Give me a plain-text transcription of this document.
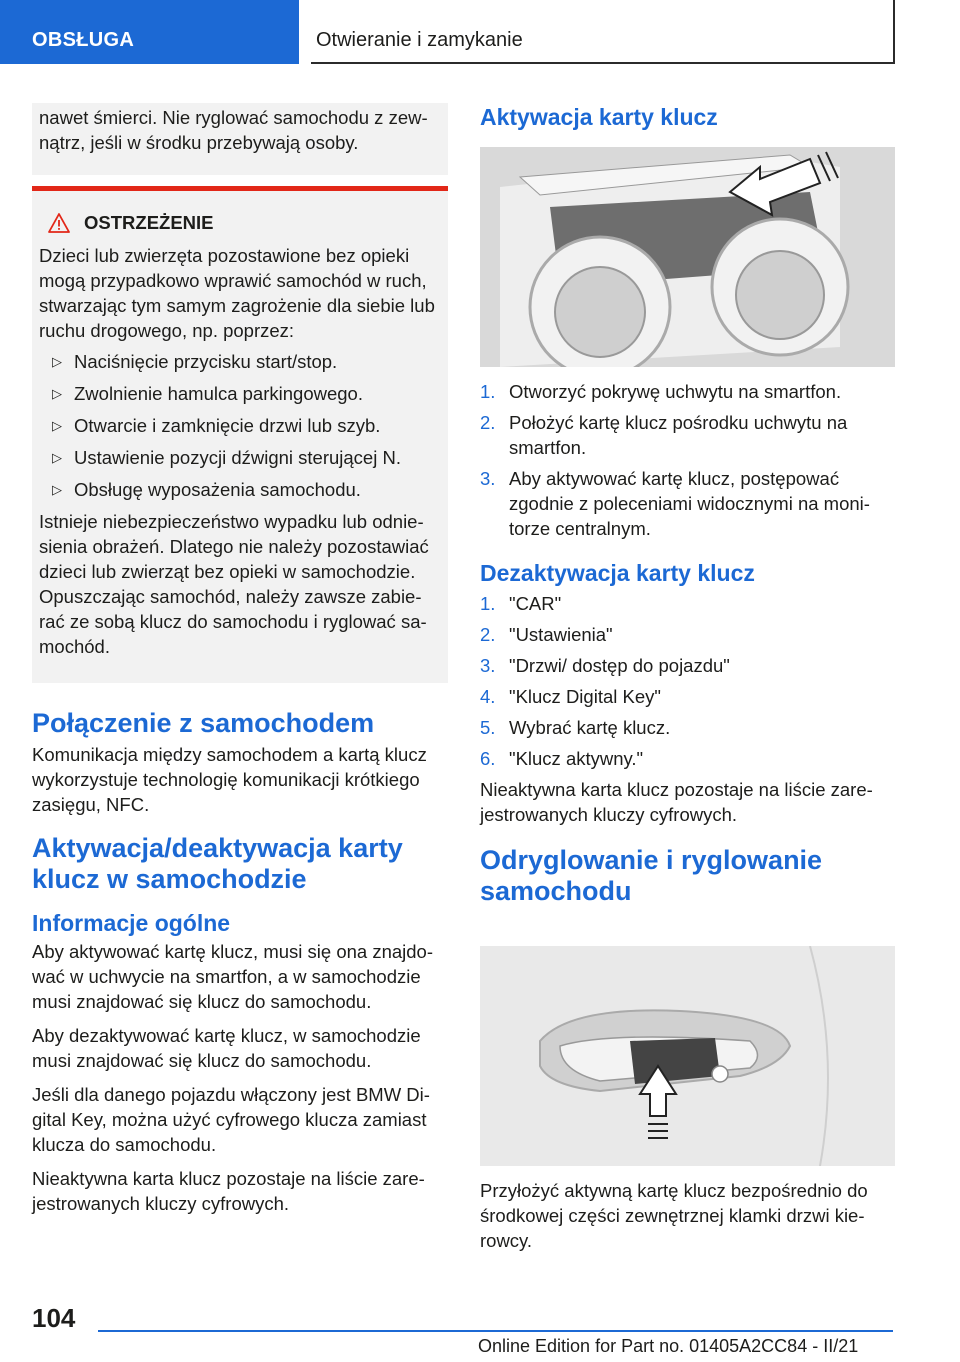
OBSŁUGA	Otwieranie i zamykanie

nawet śmierci. Nie ryglować samochodu z zew-nątrz, jeśli w środku przebywają osoby.

OSTRZEŻENIE

Dzieci lub zwierzęta pozostawione bez opieki mogą przypadkowo wprawić samochód w ruch, stwarzając tym samym zagrożenie dla siebie lub ruchu drogowego, np. poprzez:

▷ Naciśnięcie przycisku start/stop.
▷ Zwolnienie hamulca parkingowego.
▷ Otwarcie i zamknięcie drzwi lub szyb.
▷ Ustawienie pozycji dźwigni sterującej N.
▷ Obsługę wyposażenia samochodu.

Istnieje niebezpieczeństwo wypadku lub odnie-sienia obrażeń. Dlatego nie należy pozostawiać dzieci lub zwierząt bez opieki w samochodzie. Opuszczając samochód, należy zawsze zabie-rać ze sobą klucz do samochodu i ryglować sa-mochód.

Połączenie z samochodem

Komunikacja między samochodem a kartą klucz wykorzystuje technologię komunikacji krótkiego zasięgu, NFC.

Aktywacja/deaktywacja karty klucz w samochodzie
Informacje ogólne

Aby aktywować kartę klucz, musi się ona znajdo-wać w uchwycie na smartfon, a w samochodzie musi znajdować się klucz do samochodu.

Aby dezaktywować kartę klucz, w samochodzie musi znajdować się klucz do samochodu.

Jeśli dla danego pojazdu włączony jest BMW Di-gital Key, można użyć cyfrowego klucza zamiast klucza do samochodu.

Nieaktywna karta klucz pozostaje na liście zare-jestrowanych kluczy cyfrowych.

Aktywacja karty klucz
1. Otworzyć pokrywę uchwytu na smartfon.
2. Położyć kartę klucz pośrodku uchwytu na smartfon.
3. Aby aktywować kartę klucz, postępować zgodnie z poleceniami widocznymi na moni-torze centralnym.
Dezaktywacja karty klucz
1. "CAR"
2. "Ustawienia"
3. "Drzwi/ dostęp do pojazdu"
4. "Klucz Digital Key"
5. Wybrać kartę klucz.
6. "Klucz aktywny."

Nieaktywna karta klucz pozostaje na liście zare-jestrowanych kluczy cyfrowych.

Odryglowanie i ryglowanie samochodu

Przyłożyć aktywną kartę klucz bezpośrednio do środkowej części zewnętrznej klamki drzwi kie-rowcy.

104
Online Edition for Part no. 01405A2CC84 - II/21
